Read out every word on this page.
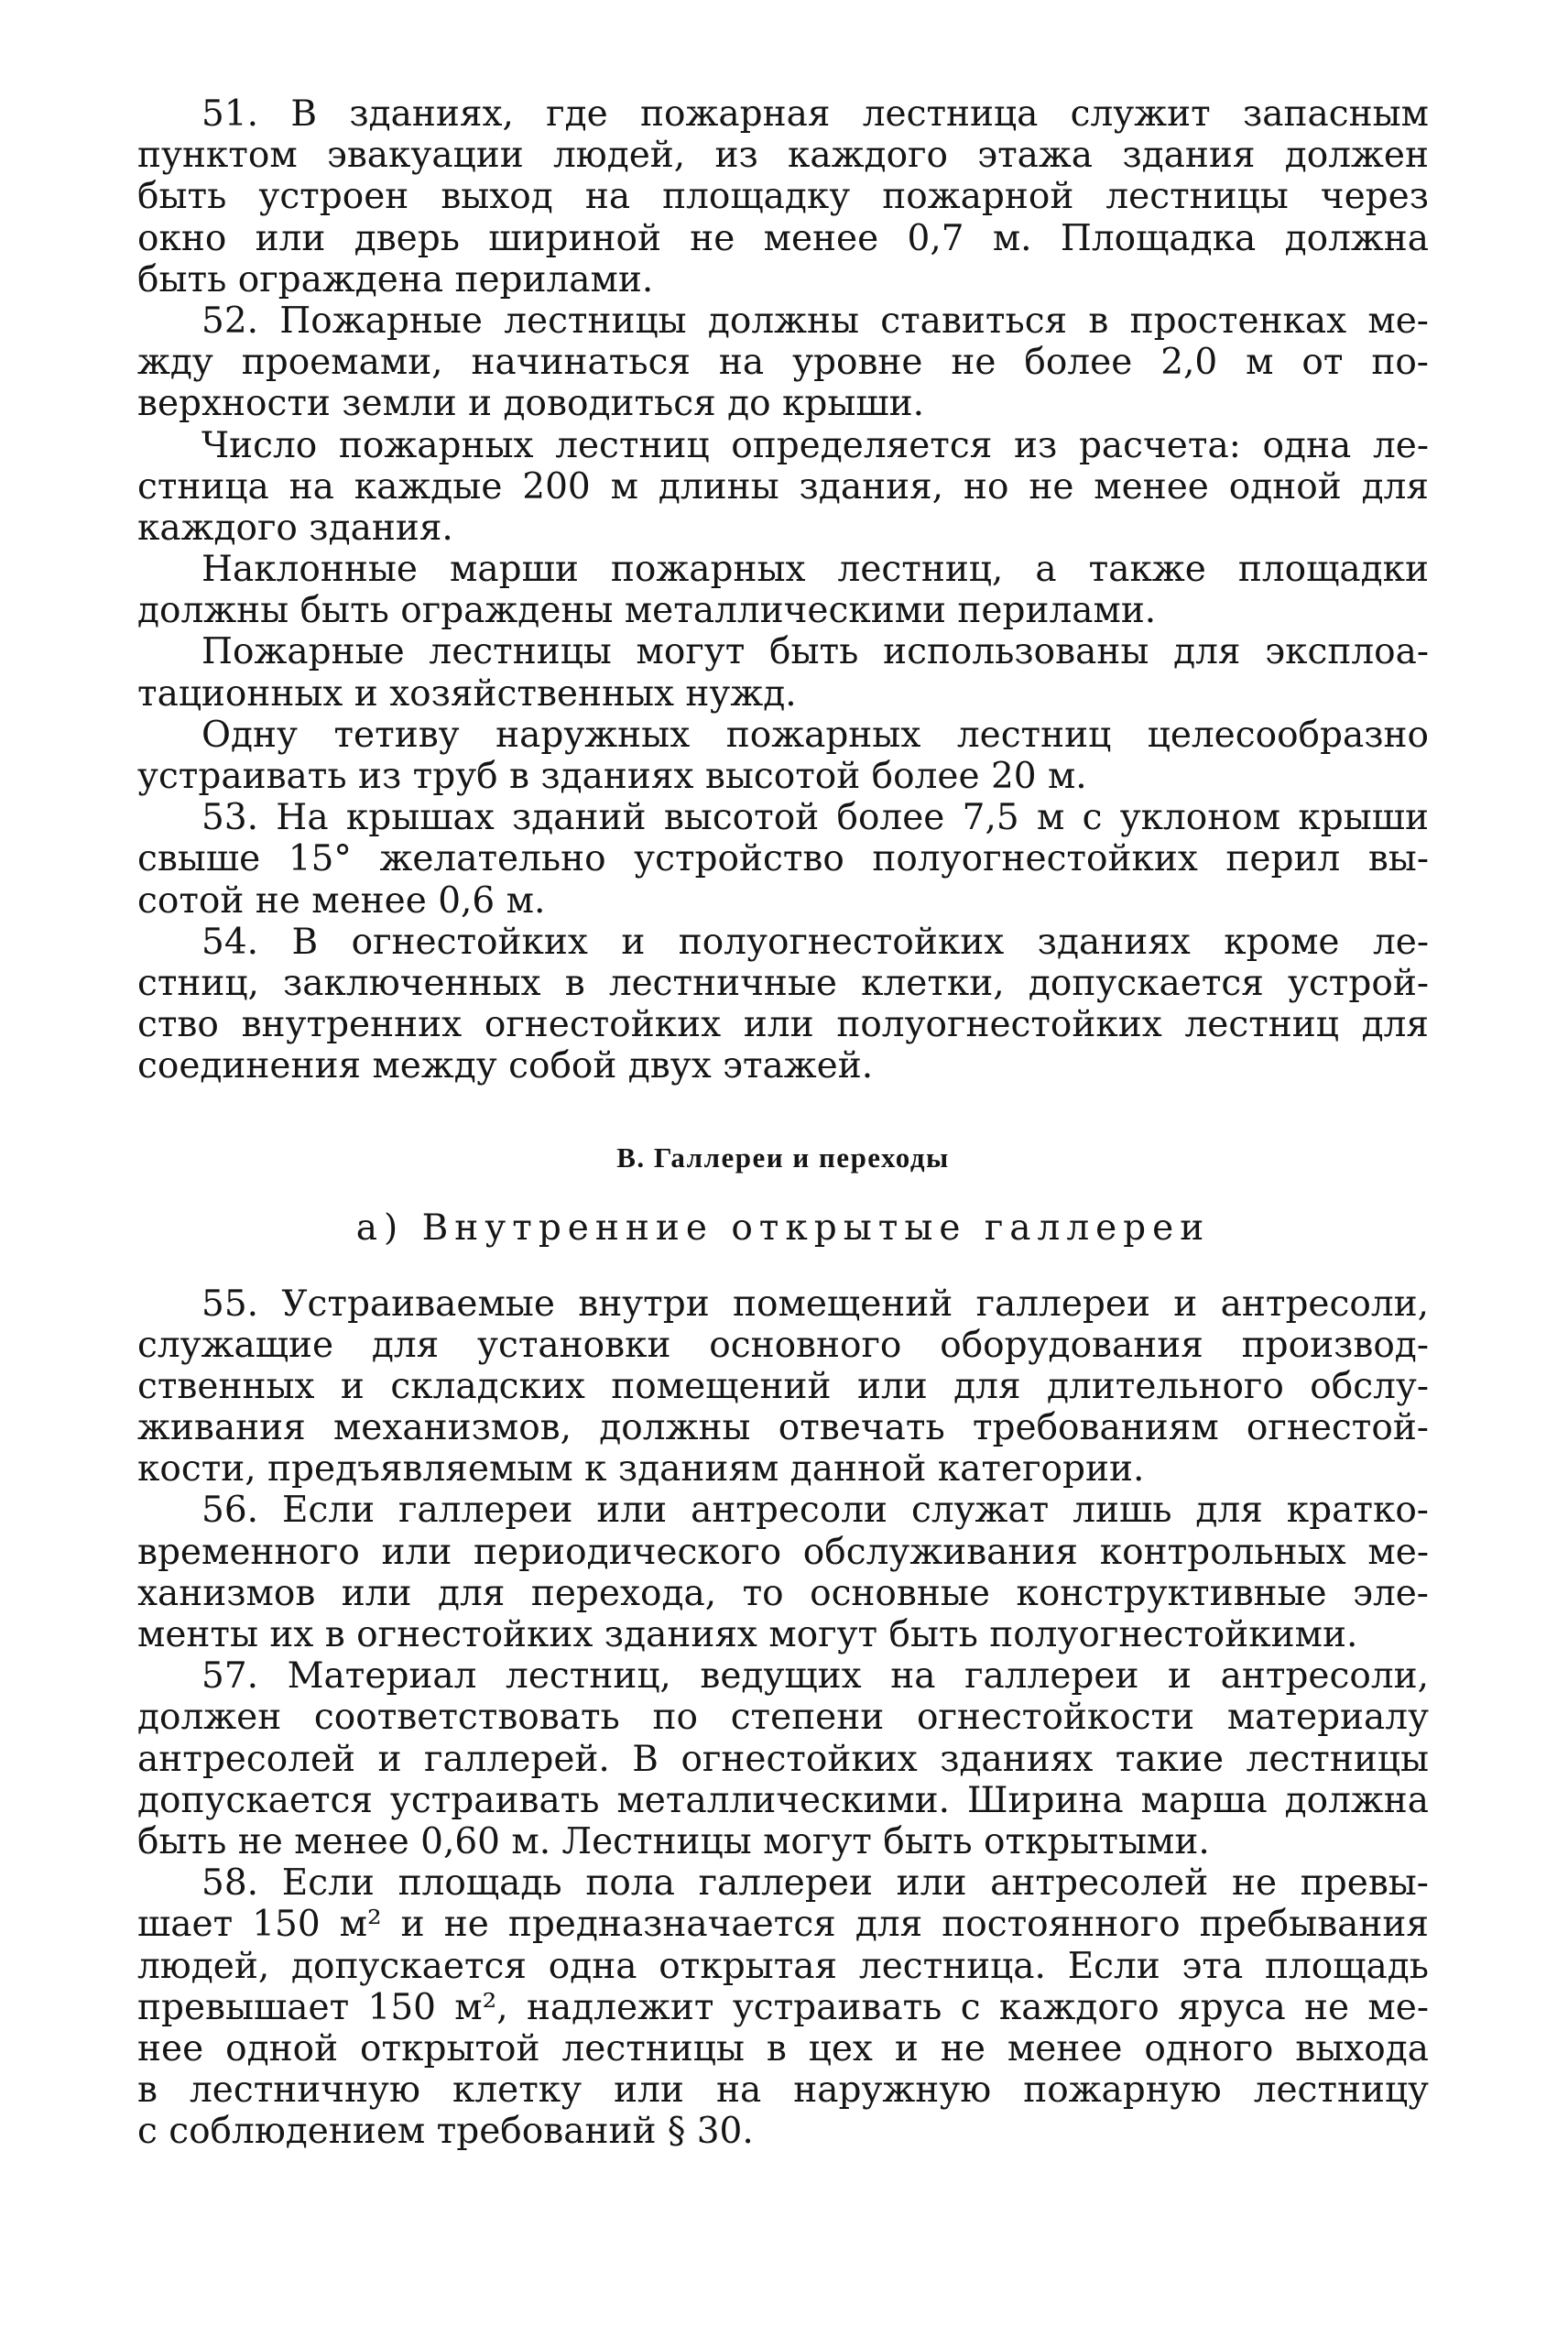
51. В зданиях, где пожарная лестница служит запасным
пунктом эвакуации людей, из каждого этажа здания должен
быть устроен выход на площадку пожарной лестницы через
окно или дверь шириной не менее 0,7 м. Площадка должна
быть ограждена перилами.
52. Пожарные лестницы должны ставиться в простенках ме-
жду проемами, начинаться на уровне не более 2,0 м от по-
верхности земли и доводиться до крыши.
Число пожарных лестниц определяется из расчета: одна ле-
стница на каждые 200 м длины здания, но не менее одной для
каждого здания.
Наклонные марши пожарных лестниц, а также площадки
должны быть ограждены металлическими перилами.
Пожарные лестницы могут быть использованы для эксплоа-
тационных и хозяйственных нужд.
Одну тетиву наружных пожарных лестниц целесообразно
устраивать из труб в зданиях высотой более 20 м.
53. На крышах зданий высотой более 7,5 м с уклоном крыши
свыше 15° желательно устройство полуогнестойких перил вы-
сотой не менее 0,6 м.
54. В огнестойких и полуогнестойких зданиях кроме ле-
стниц, заключенных в лестничные клетки, допускается устрой-
ство внутренних огнестойких или полуогнестойких лестниц для
соединения между собой двух этажей.
В. Галлереи и переходы
а) Внутренние открытые галлереи
55. Устраиваемые внутри помещений галлереи и антресоли,
служащие для установки основного оборудования производ-
ственных и складских помещений или для длительного обслу-
живания механизмов, должны отвечать требованиям огнестой-
кости, предъявляемым к зданиям данной категории.
56. Если галлереи или антресоли служат лишь для кратко-
временного или периодического обслуживания контрольных ме-
ханизмов или для перехода, то основные конструктивные эле-
менты их в огнестойких зданиях могут быть полуогнестойкими.
57. Материал лестниц, ведущих на галлереи и антресоли,
должен соответствовать по степени огнестойкости материалу
антресолей и галлерей. В огнестойких зданиях такие лестницы
допускается устраивать металлическими. Ширина марша должна
быть не менее 0,60 м. Лестницы могут быть открытыми.
58. Если площадь пола галлереи или антресолей не превы-
шает 150 м² и не предназначается для постоянного пребывания
людей, допускается одна открытая лестница. Если эта площадь
превышает 150 м², надлежит устраивать с каждого яруса не ме-
нее одной открытой лестницы в цех и не менее одного выхода
в лестничную клетку или на наружную пожарную лестницу
с соблюдением требований § 30.
